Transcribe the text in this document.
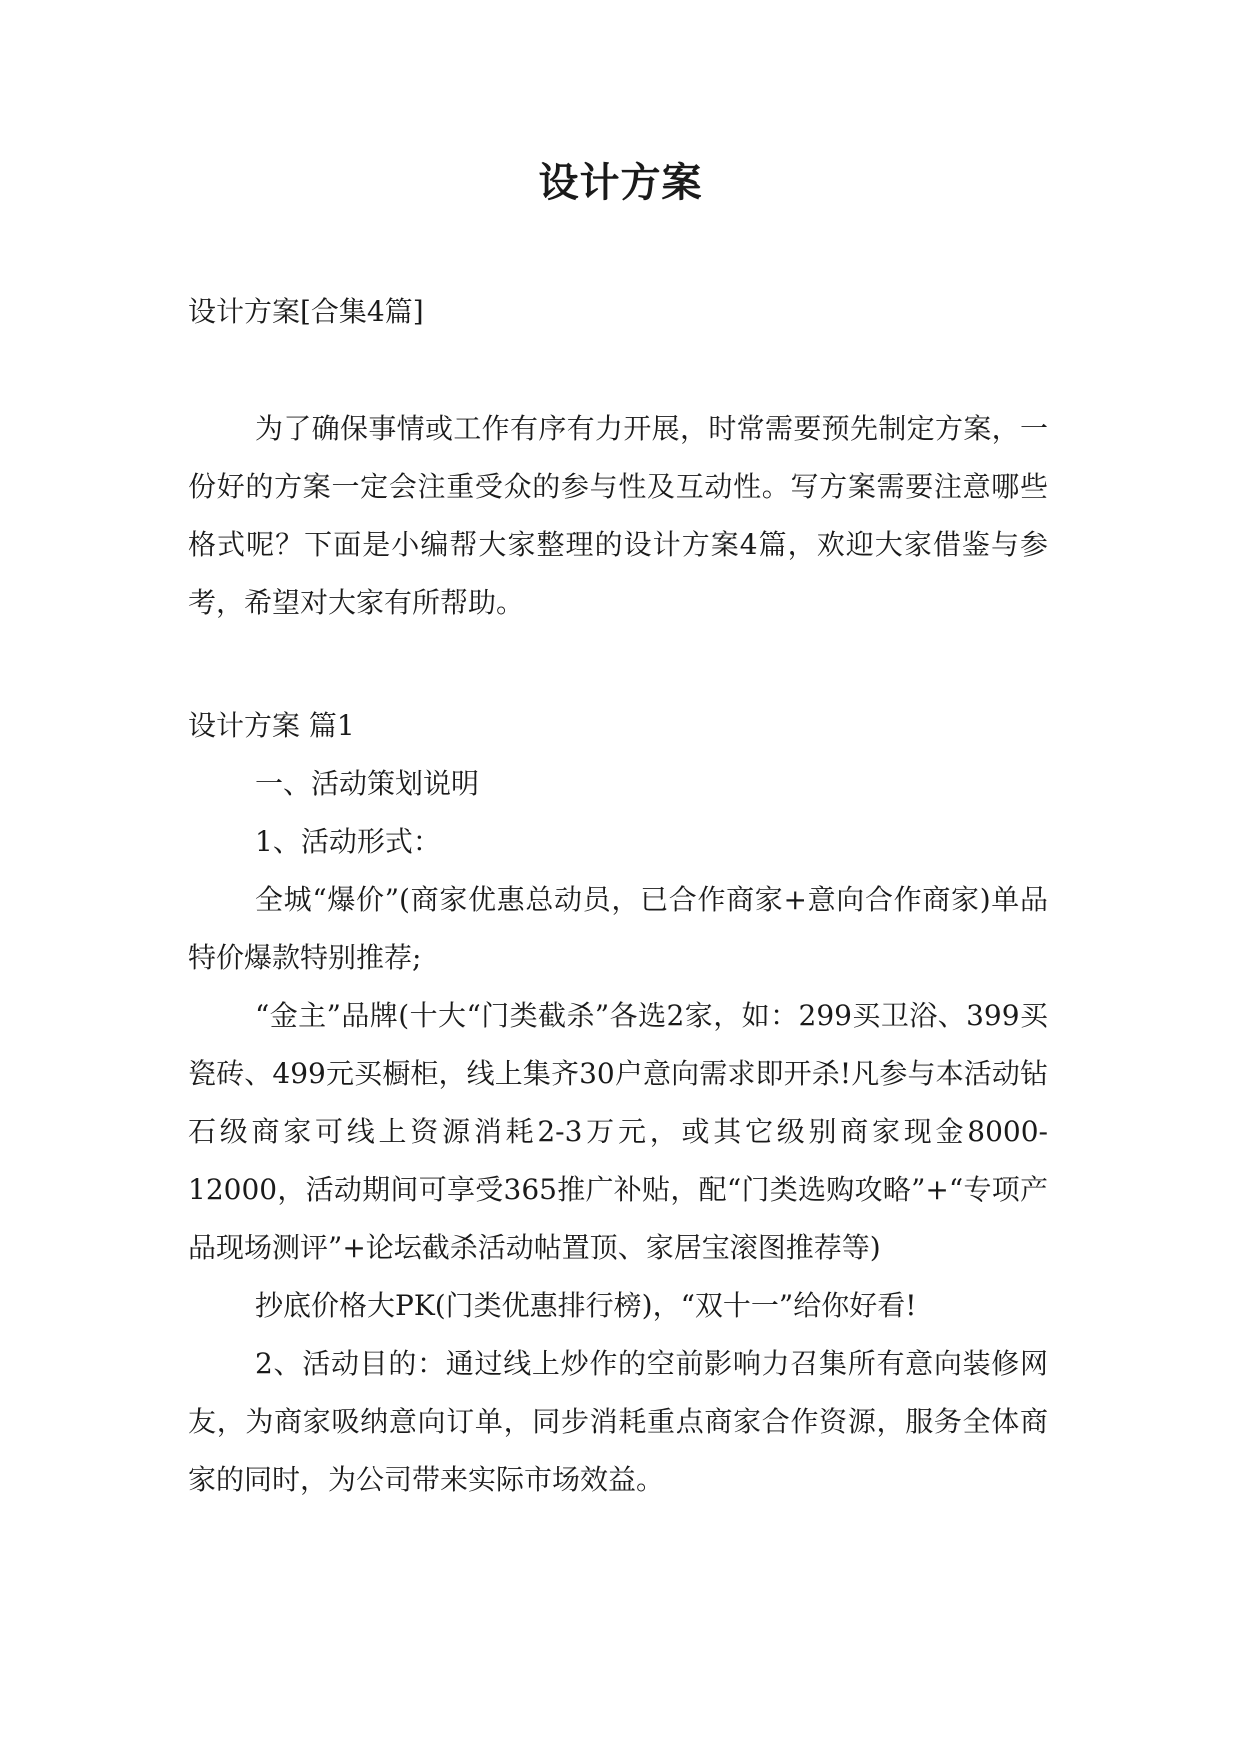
设计方案

设计方案[合集4篇]

为了确保事情或工作有序有力开展，时常需要预先制定方案，一份好的方案一定会注重受众的参与性及互动性。写方案需要注意哪些格式呢？下面是小编帮大家整理的设计方案4篇，欢迎大家借鉴与参考，希望对大家有所帮助。

设计方案 篇1

一、活动策划说明

1、活动形式：

全城“爆价”(商家优惠总动员，已合作商家+意向合作商家)单品特价爆款特别推荐;

“金主”品牌(十大“门类截杀”各选2家，如：299买卫浴、399买瓷砖、499元买橱柜，线上集齐30户意向需求即开杀!凡参与本活动钻石级商家可线上资源消耗2-3万元，或其它级别商家现金8000-12000，活动期间可享受365推广补贴，配“门类选购攻略”+“专项产品现场测评”+论坛截杀活动帖置顶、家居宝滚图推荐等)

抄底价格大PK(门类优惠排行榜)，“双十一”给你好看!

2、活动目的：通过线上炒作的空前影响力召集所有意向装修网友，为商家吸纳意向订单，同步消耗重点商家合作资源，服务全体商家的同时，为公司带来实际市场效益。
